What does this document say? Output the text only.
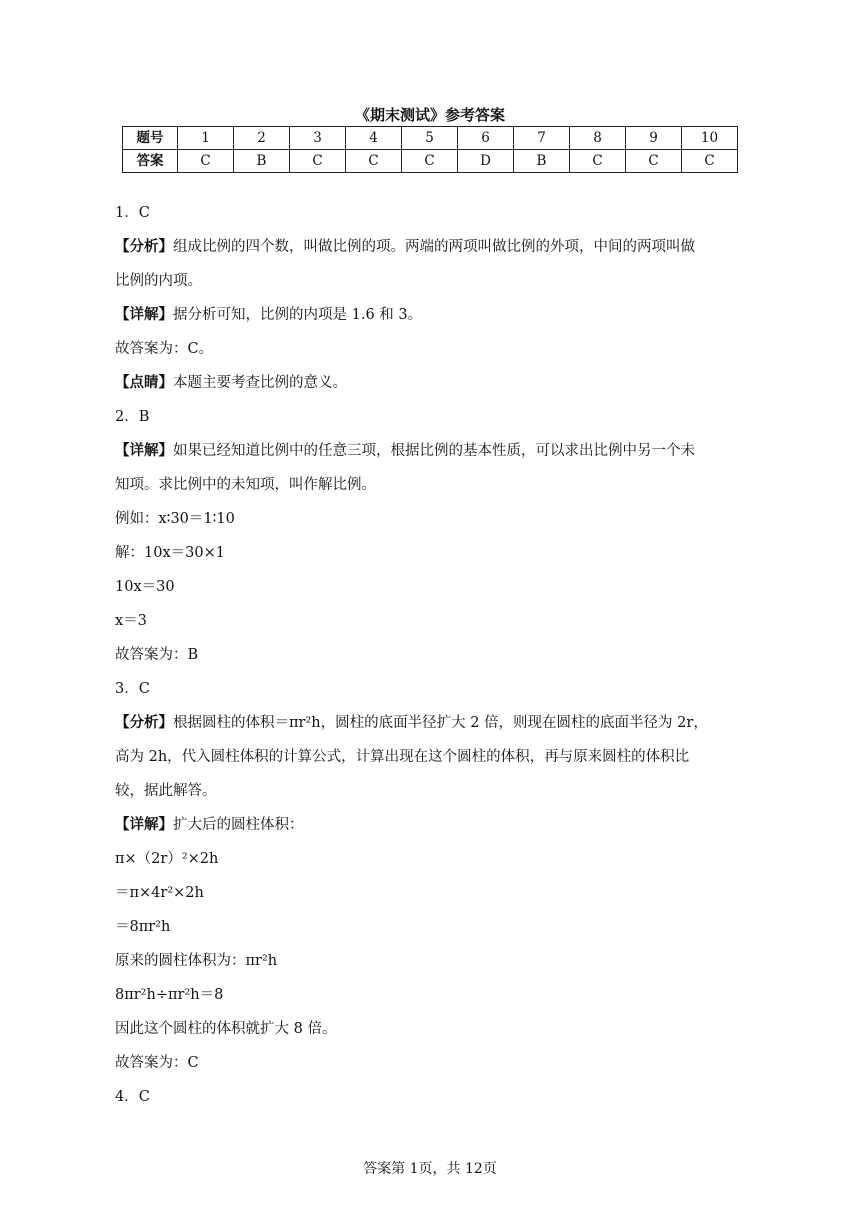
《期末测试》参考答案
题号	1	2	3	4	5	6	7	8	9	10
答案	C	B	C	C	C	D	B	C	C	C
1．C
【分析】组成比例的四个数，叫做比例的项。两端的两项叫做比例的外项，中间的两项叫做
比例的内项。
【详解】据分析可知，比例的内项是 1.6 和 3。
故答案为：C。
【点睛】本题主要考查比例的意义。
2．B
【详解】如果已经知道比例中的任意三项，根据比例的基本性质，可以求出比例中另一个未
知项。求比例中的未知项，叫作解比例。
例如：x∶30＝1∶10
解：10x＝30×1
10x＝30
x＝3
故答案为：B
3．C
【分析】根据圆柱的体积＝πr²h，圆柱的底面半径扩大 2 倍，则现在圆柱的底面半径为 2r，
高为 2h，代入圆柱体积的计算公式，计算出现在这个圆柱的体积，再与原来圆柱的体积比
较，据此解答。
【详解】扩大后的圆柱体积：
π×（2r）²×2h
＝π×4r²×2h
＝8πr²h
原来的圆柱体积为：πr²h
8πr²h÷πr²h＝8
因此这个圆柱的体积就扩大 8 倍。
故答案为：C
4．C
答案第 1页，共 12页
